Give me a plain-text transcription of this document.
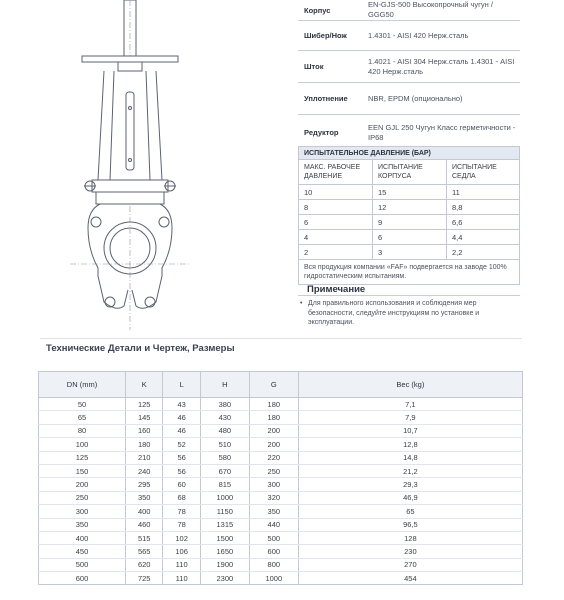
Корпус	EN-GJS-500 Высокопрочный чугун / GGG50
Шибер/Нож	1.4301 - AISI 420 Нерж.сталь
Шток	1.4021 - AISI 304 Нерж.сталь 1.4301 - AISI 420 Нерж.сталь
Уплотнение	NBR, EPDM (опционально)
Редуктор	EEN GJL 250 Чугун Класс герметичности - IP68
ИСПЫТАТЕЛЬНОЕ ДАВЛЕНИЕ (БАР)
МАКС. РАБОЧЕЕ ДАВЛЕНИЕ	ИСПЫТАНИЕ КОРПУСА	ИСПЫТАНИЕ СЕДЛА
10	15	11
8	12	8,8
6	9	6,6
4	6	4,4
2	3	2,2
Вся продукция компании «FAF» подвергается на заводе 100% гидростатическим испытаниям.
Примечание
• Для правильного использования и соблюдения мер безопасности, следуйте инструкциям по установке и эксплуатации.
Технические Детали и Чертеж, Размеры
DN (mm)	K	L	H	G	Вес (kg)
50	125	43	380	180	7,1
65	145	46	430	180	7,9
80	160	46	480	200	10,7
100	180	52	510	200	12,8
125	210	56	580	220	14,8
150	240	56	670	250	21,2
200	295	60	815	300	29,3
250	350	68	1000	320	46,9
300	400	78	1150	350	65
350	460	78	1315	440	96,5
400	515	102	1500	500	128
450	565	106	1650	600	230
500	620	110	1900	800	270
600	725	110	2300	1000	454
